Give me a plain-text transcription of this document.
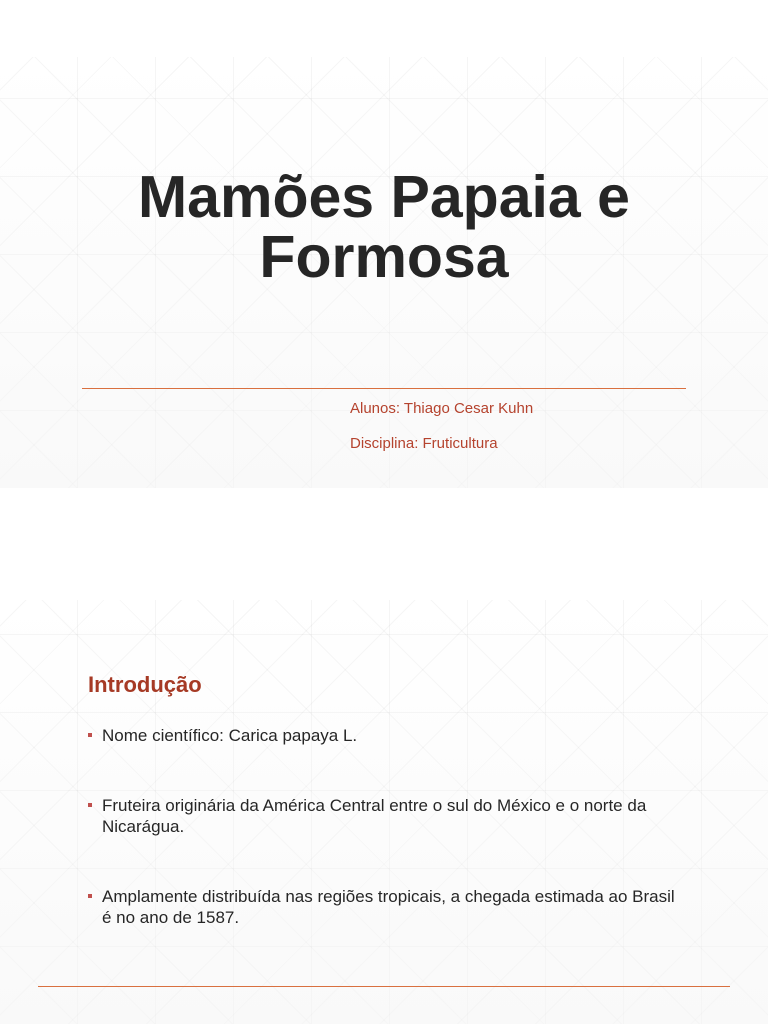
Mamões Papaia e Formosa

Alunos: Thiago Cesar Kuhn

Disciplina: Fruticultura

Introdução
Nome científico: Carica papaya L.
Fruteira originária da América Central entre o sul do México e o norte da Nicarágua.
Amplamente distribuída nas regiões tropicais, a chegada estimada ao Brasil é no ano de 1587.
